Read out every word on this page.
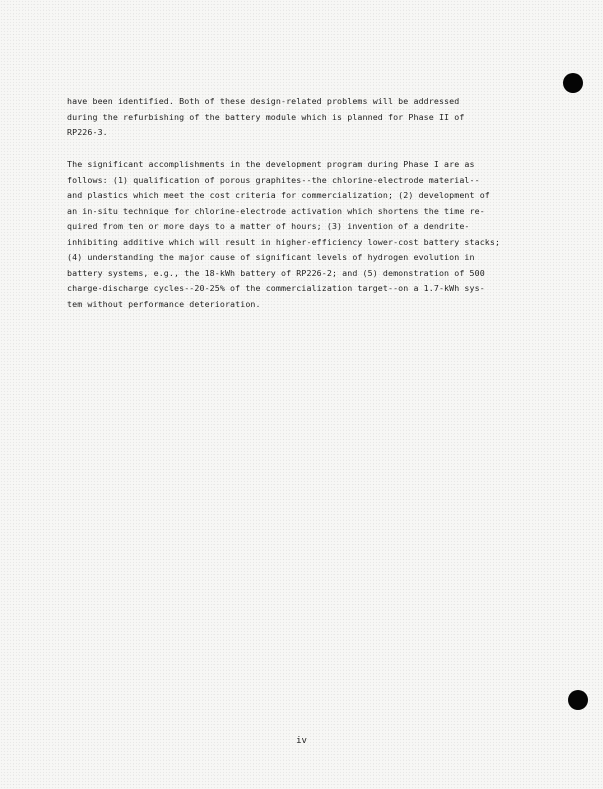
have been identified. Both of these design-related problems will be addressed
during the refurbishing of the battery module which is planned for Phase II of
RP226-3.
The significant accomplishments in the development program during Phase I are as
follows: (1) qualification of porous graphites--the chlorine-electrode material--
and plastics which meet the cost criteria for commercialization; (2) development of
an in-situ technique for chlorine-electrode activation which shortens the time re-
quired from ten or more days to a matter of hours; (3) invention of a dendrite-
inhibiting additive which will result in higher-efficiency lower-cost battery stacks;
(4) understanding the major cause of significant levels of hydrogen evolution in
battery systems, e.g., the 18-kWh battery of RP226-2; and (5) demonstration of 500
charge-discharge cycles--20-25% of the commercialization target--on a 1.7-kWh sys-
tem without performance deterioration.
iv
